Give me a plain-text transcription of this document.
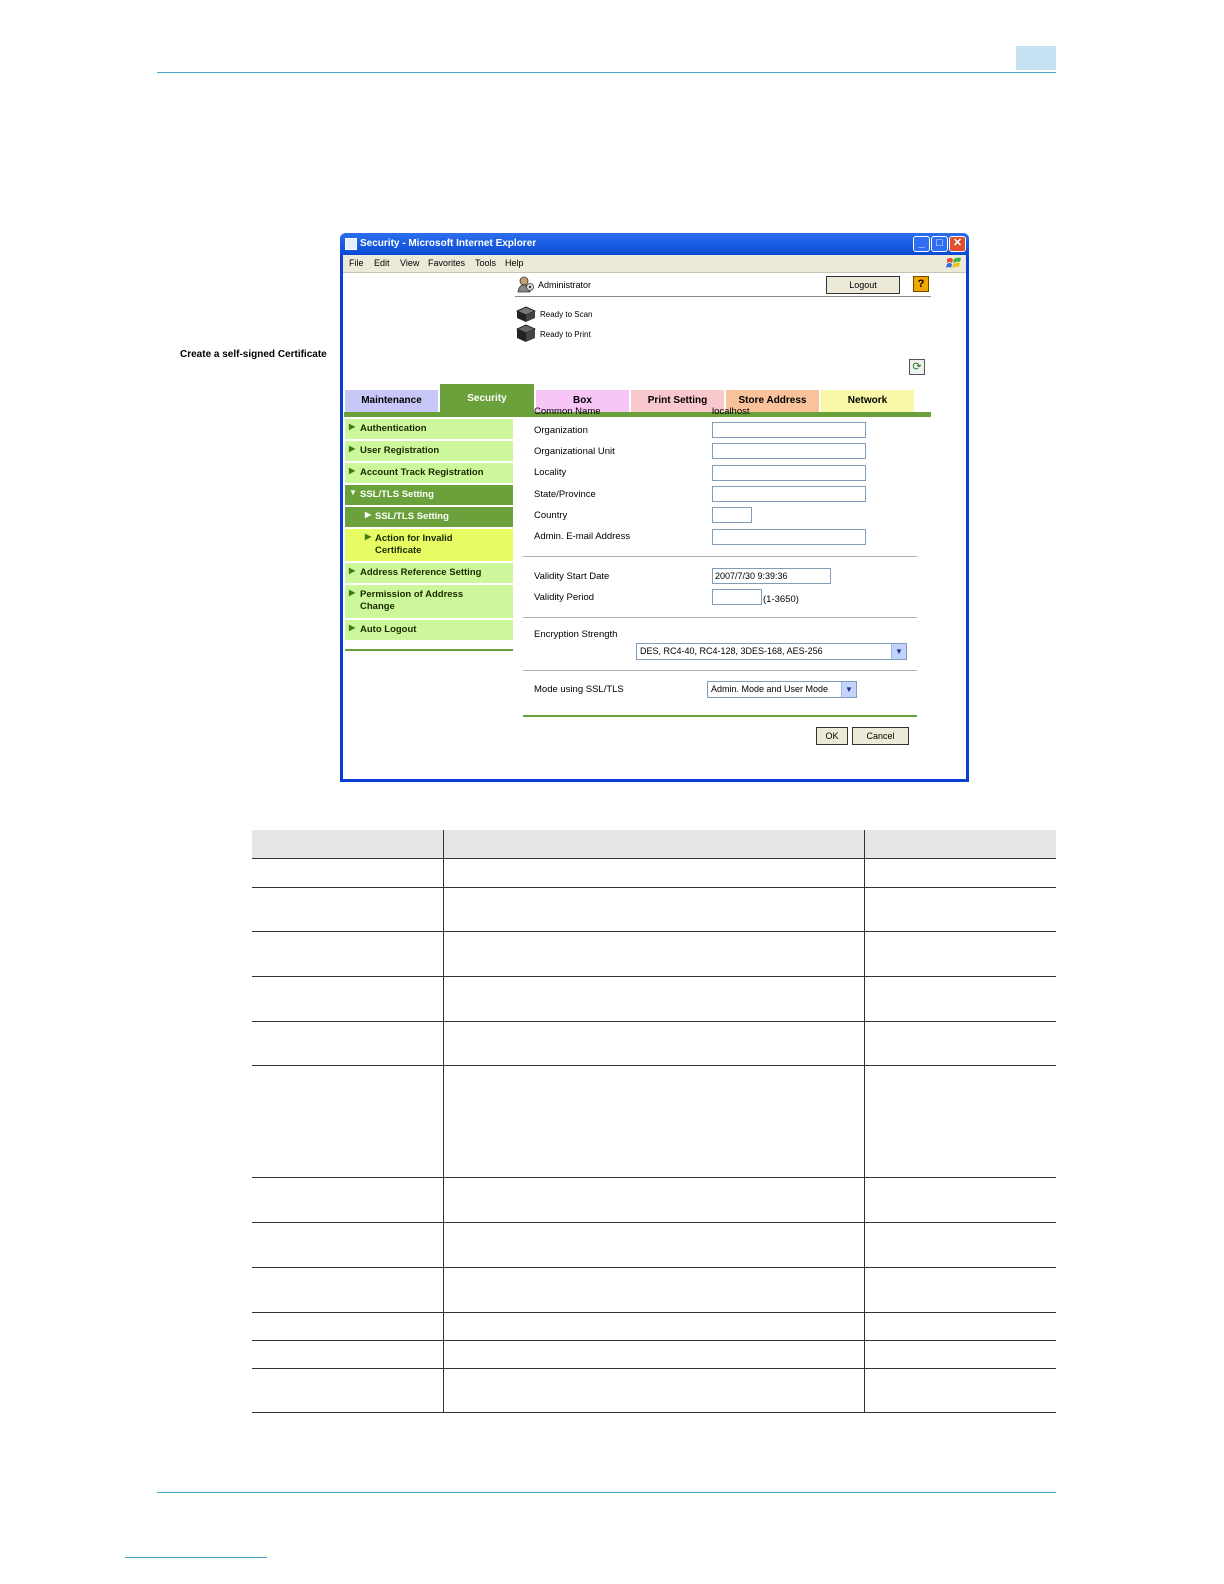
Security - Microsoft Internet Explorer	_	□ ✕
File Edit View Favorites Tools Help
Administrator	Logout	?
Ready to Scan
Ready to Print
⟳
Maintenance	Security	Box	Print Setting	Store Address	Network
▶ Authentication
▶ User Registration
▶ Account Track Registration
▼ SSL/TLS Setting
▶ SSL/TLS Setting
▶ Action for Invalid Certificate
▶ Address Reference Setting
▶ Permission of Address Change
▶ Auto Logout
Create a self-signed Certificate
Common Name	localhost
Organization
Organizational Unit
Locality
State/Province
Country
Admin. E-mail Address
Validity Start Date	2007/7/30 9:39:36
Validity Period	(1-3650)
Encryption Strength
DES, RC4-40, RC4-128, 3DES-168, AES-256	▼
Mode using SSL/TLS	Admin. Mode and User Mode	▼
OK	Cancel
